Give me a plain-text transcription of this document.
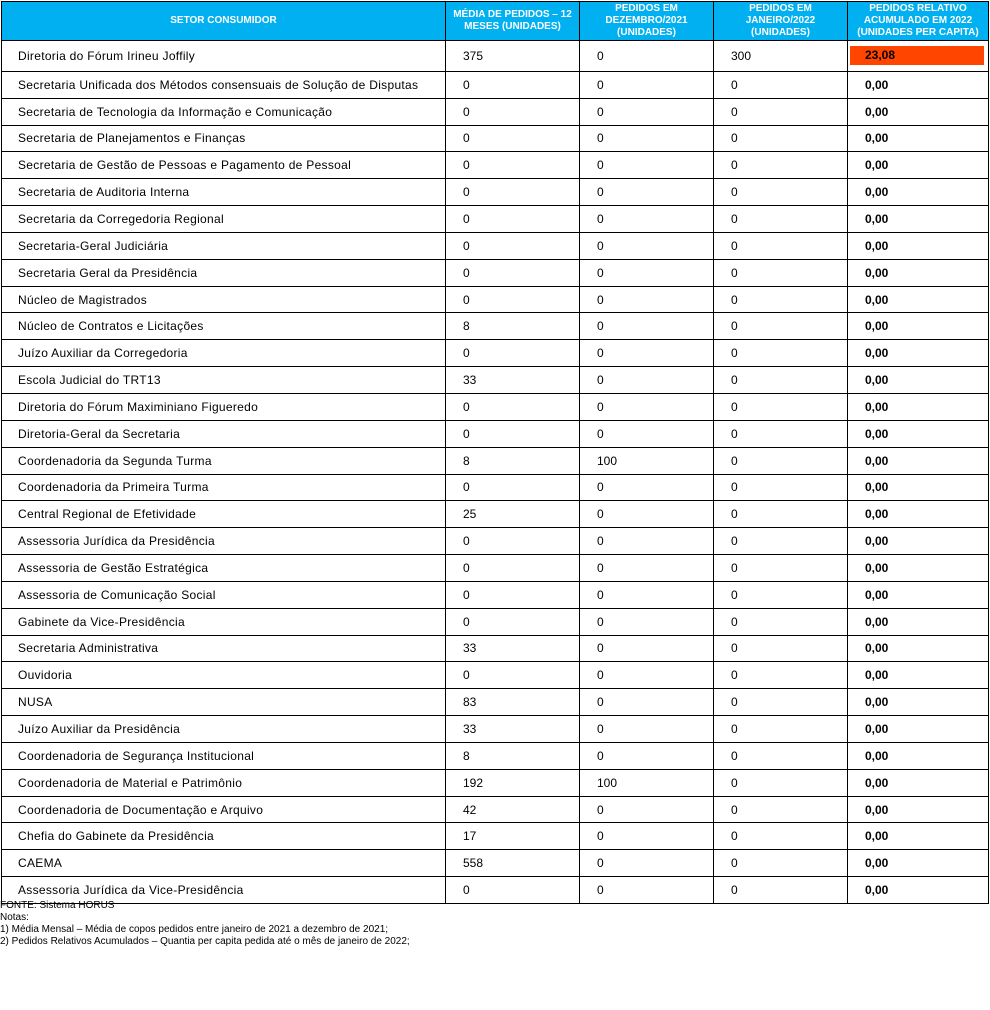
SETOR CONSUMIDOR	MÉDIA DE PEDIDOS – 12 MESES (UNIDADES)	PEDIDOS EM DEZEMBRO/2021 (UNIDADES)	PEDIDOS EM JANEIRO/2022 (UNIDADES)	PEDIDOS RELATIVO ACUMULADO EM 2022 (UNIDADES PER CAPITA)
Diretoria do Fórum Irineu Joffily	375	0	300	23,08

Secretaria Unificada dos Métodos consensuais de Solução de Disputas	0	0	0	0,00
Secretaria de Tecnologia da Informação e Comunicação	0	0	0	0,00
Secretaria de Planejamentos e Finanças	0	0	0	0,00
Secretaria de Gestão de Pessoas e Pagamento de Pessoal	0	0	0	0,00
Secretaria de Auditoria Interna	0	0	0	0,00
Secretaria da Corregedoria Regional	0	0	0	0,00
Secretaria-Geral Judiciária	0	0	0	0,00
Secretaria Geral da Presidência	0	0	0	0,00
Núcleo de Magistrados	0	0	0	0,00
Núcleo de Contratos e Licitações	8	0	0	0,00
Juízo Auxiliar da Corregedoria	0	0	0	0,00
Escola Judicial do TRT13	33	0	0	0,00
Diretoria do Fórum Maximiniano Figueredo	0	0	0	0,00
Diretoria-Geral da Secretaria	0	0	0	0,00
Coordenadoria da Segunda Turma	8	100	0	0,00
Coordenadoria da Primeira Turma	0	0	0	0,00
Central Regional de Efetividade	25	0	0	0,00
Assessoria Jurídica da Presidência	0	0	0	0,00
Assessoria de Gestão Estratégica	0	0	0	0,00
Assessoria de Comunicação Social	0	0	0	0,00
Gabinete da Vice-Presidência	0	0	0	0,00
Secretaria Administrativa	33	0	0	0,00
Ouvidoria	0	0	0	0,00
NUSA	83	0	0	0,00
Juízo Auxiliar da Presidência	33	0	0	0,00
Coordenadoria de Segurança Institucional	8	0	0	0,00
Coordenadoria de Material e Patrimônio	192	100	0	0,00
Coordenadoria de Documentação e Arquivo	42	0	0	0,00
Chefia do Gabinete da Presidência	17	0	0	0,00
CAEMA	558	0	0	0,00
Assessoria Jurídica da Vice-Presidência	0	0	0	0,00
FONTE: Sistema HORUS
Notas:
1) Média Mensal – Média de copos pedidos entre janeiro de 2021 a dezembro de 2021;
2) Pedidos Relativos Acumulados – Quantia per capita pedida até o mês de janeiro de 2022;
